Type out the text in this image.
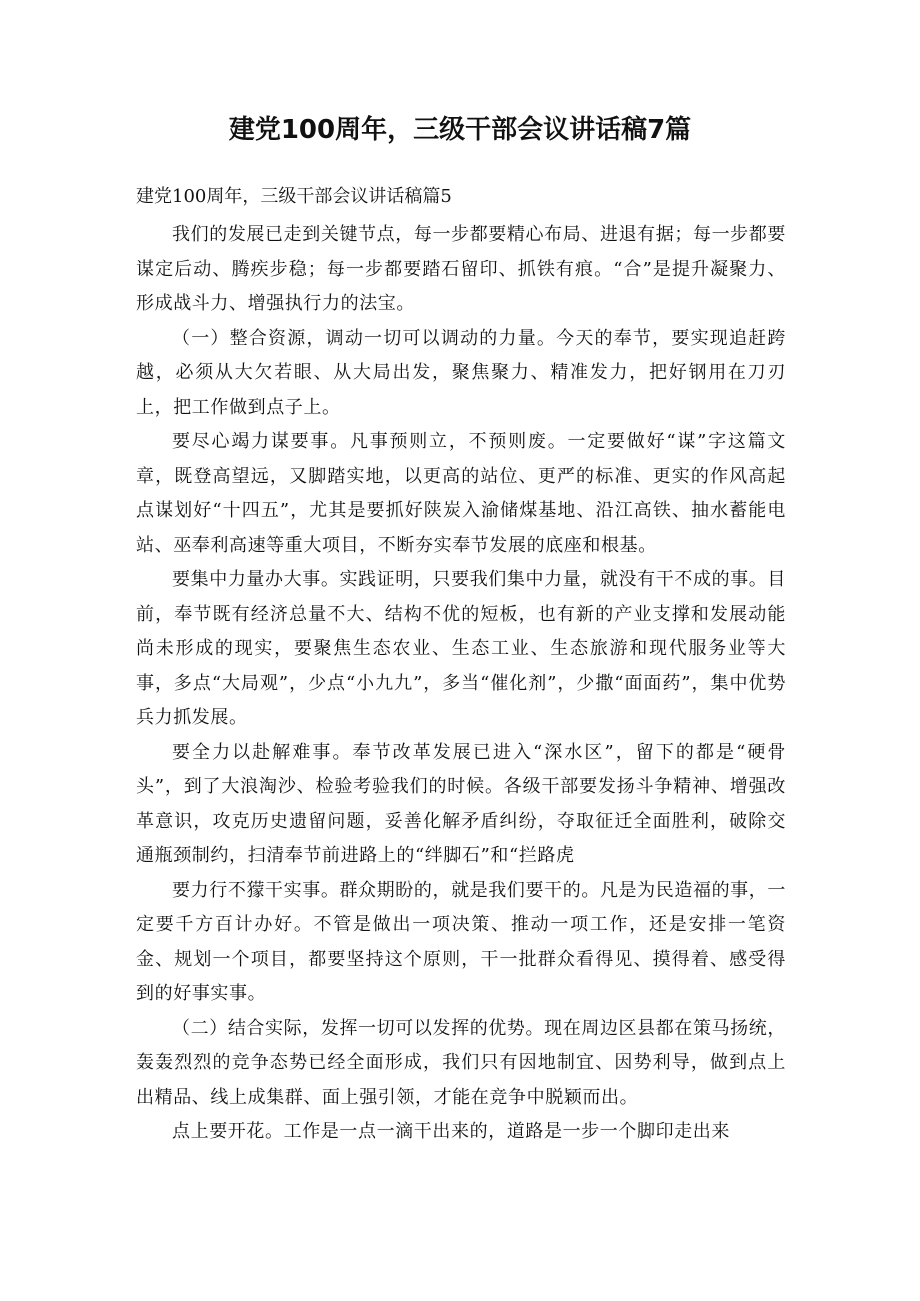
建党100周年，三级干部会议讲话稿7篇

建党100周年，三级干部会议讲话稿篇5

我们的发展已走到关键节点，每一步都要精心布局、进退有据；每一步都要谋定后动、腾疾步稳；每一步都要踏石留印、抓铁有痕。“合”是提升凝聚力、形成战斗力、增强执行力的法宝。

（一）整合资源，调动一切可以调动的力量。今天的奉节，要实现追赶跨越，必须从大欠若眼、从大局出发，聚焦聚力、精准发力，把好钢用在刀刃上，把工作做到点子上。

要尽心竭力谋要事。凡事预则立，不预则废。一定要做好“谋”字这篇文章，既登高望远，又脚踏实地，以更高的站位、更严的标准、更实的作风高起点谋划好“十四五”，尤其是要抓好陕炭入渝储煤基地、沿江高铁、抽水蓄能电站、巫奉利高速等重大项目，不断夯实奉节发展的底座和根基。

要集中力量办大事。实践证明，只要我们集中力量，就没有干不成的事。目前，奉节既有经济总量不大、结构不优的短板，也有新的产业支撑和发展动能尚未形成的现实，要聚焦生态农业、生态工业、生态旅游和现代服务业等大事，多点“大局观”，少点“小九九”，多当“催化剂”，少撒“面面药”，集中优势兵力抓发展。

要全力以赴解难事。奉节改革发展已进入“深水区”，留下的都是“硬骨头”，到了大浪淘沙、检验考验我们的时候。各级干部要发扬斗争精神、增强改革意识，攻克历史遗留问题，妥善化解矛盾纠纷，夺取征迁全面胜利，破除交通瓶颈制约，扫清奉节前进路上的“绊脚石”和“拦路虎

要力行不獴干实事。群众期盼的，就是我们要干的。凡是为民造福的事，一定要千方百计办好。不管是做出一项决策、推动一项工作，还是安排一笔资金、规划一个项目，都要坚持这个原则，干一批群众看得见、摸得着、感受得到的好事实事。

（二）结合实际，发挥一切可以发挥的优势。现在周边区县都在策马扬统，轰轰烈烈的竞争态势已经全面形成，我们只有因地制宜、因势利导，做到点上出精品、线上成集群、面上强引领，才能在竞争中脱颖而出。

点上要开花。工作是一点一滴干出来的，道路是一步一个脚印走出来
